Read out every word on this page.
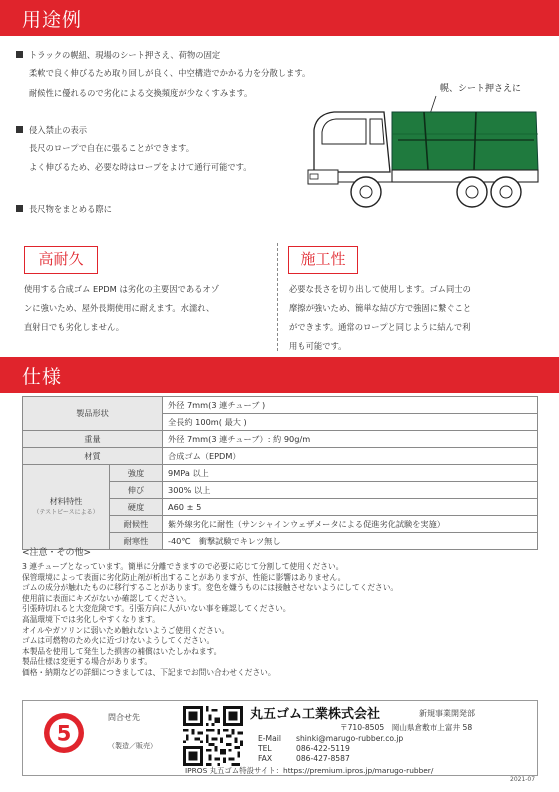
用途例
トラックの幌紐、現場のシート押さえ、荷物の固定
柔軟で良く伸びるため取り回しが良く、中空構造でかかる力を分散します。
耐候性に優れるので劣化による交換頻度が少なくすみます。
侵入禁止の表示
長尺のロープで自在に張ることができます。
よく伸びるため、必要な時はロープをよけて通行可能です。
長尺物をまとめる際に
幌、シート押さえに
高耐久
使用する合成ゴム EPDM は劣化の主要因であるオゾ
ンに強いため、屋外長期使用に耐えます。水濡れ、
直射日でも劣化しません。
施工性
必要な長さを切り出して使用します。ゴム同士の
摩擦が強いため、簡単な結び方で強固に繋ぐこと
ができます。通常のロープと同じように結んで利
用も可能です。
仕様
製品形状		外径 7mm(3 連チューブ )
		全長約 100m( 最大 )
重量		外径 7mm(3 連チューブ）: 約 90g/m
材質		合成ゴム（EPDM）

材料特性
（テストピースによる）	強度	9MPa 以上
	伸び	300% 以上
	硬度	A60 ± 5
	耐候性	紫外線劣化に耐性（サンシャインウェザメータによる促進劣化試験を実施）
	耐寒性	-40℃　衝撃試験でキレツ無し
<注意・その他>
3 連チューブとなっています。簡単に分離できますので必要に応じて分割して使用ください。
保管環境によって表面に劣化防止剤が析出することがありますが、性能に影響はありません。
ゴムの成分が触れたものに移行することがあります。変色を嫌うものには接触させないようにしてください。
使用前に表面にキズがないか確認してください。
引張時切れると大変危険です。引張方向に人がいない事を確認してください。
高温環境下では劣化しやすくなります。
オイルやガソリンに弱いため触れないようご使用ください。
ゴムは可燃物のため火に近づけないようしてください。
本製品を使用して発生した損害の補償はいたしかねます。
製品仕様は変更する場合があります。
価格・納期などの詳細につきましては、下記までお問い合わせください。
5
問合せ先
（製造／販売）
丸五ゴム工業株式会社	新規事業開発部
〒710-8505　岡山県倉敷市上富井 58
E-Mail shinki@marugo-rubber.co.jp
TEL	086-422-5119
FAX	086-427-8587
IPROS 丸五ゴム特設サイト：https://premium.ipros.jp/marugo-rubber/
2021-07
